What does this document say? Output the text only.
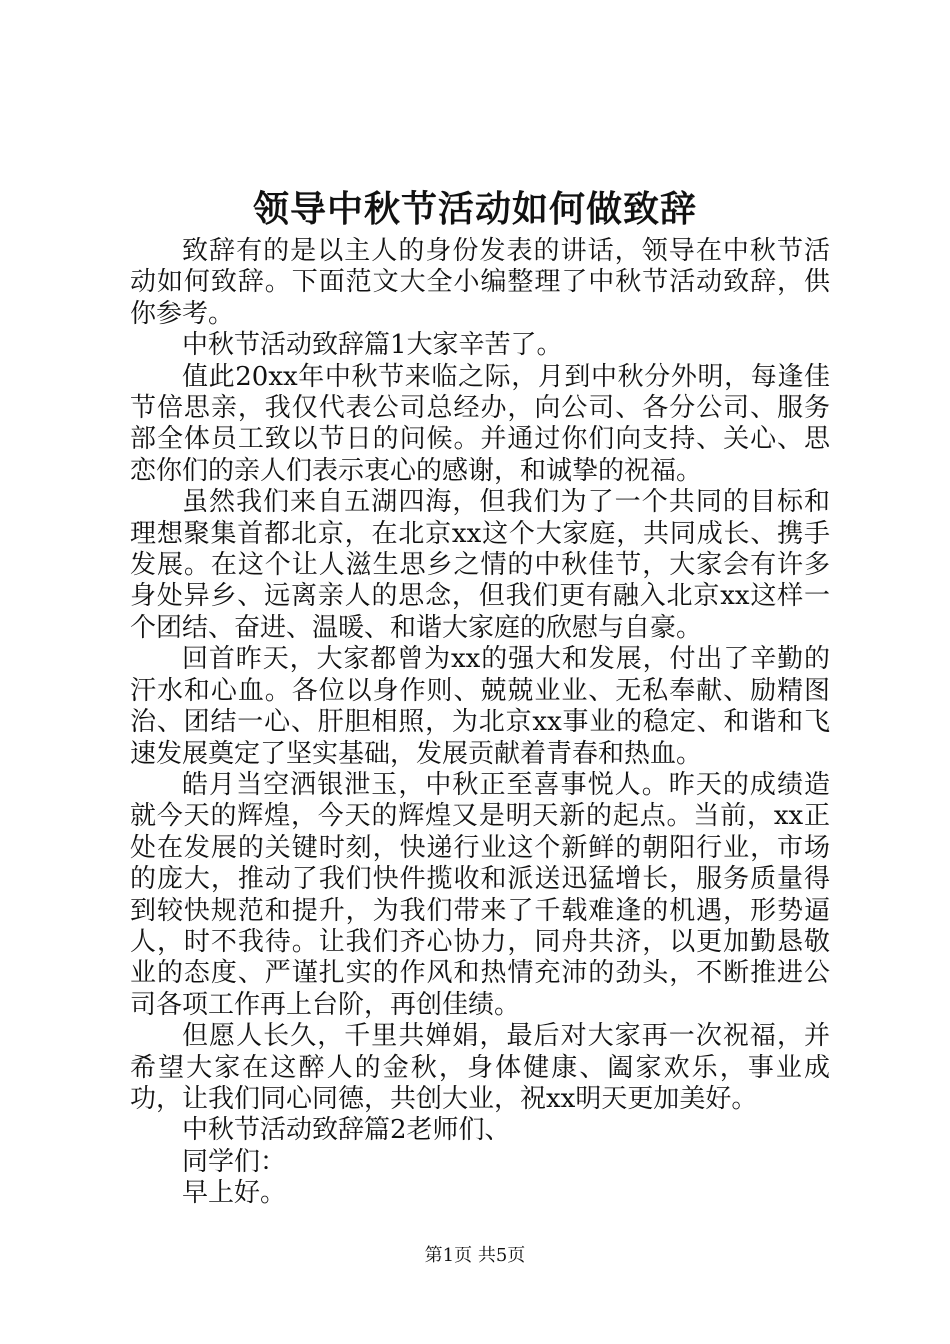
领导中秋节活动如何做致辞

致辞有的是以主人的身份发表的讲话，领导在中秋节活动如何致辞。下面范文大全小编整理了中秋节活动致辞，供你参考。

中秋节活动致辞篇1大家辛苦了。

值此20xx年中秋节来临之际，月到中秋分外明，每逢佳节倍思亲，我仅代表公司总经办，向公司、各分公司、服务部全体员工致以节日的问候。并通过你们向支持、关心、思恋你们的亲人们表示衷心的感谢，和诚挚的祝福。

虽然我们来自五湖四海，但我们为了一个共同的目标和理想聚集首都北京，在北京xx这个大家庭，共同成长、携手发展。在这个让人滋生思乡之情的中秋佳节，大家会有许多身处异乡、远离亲人的思念，但我们更有融入北京xx这样一个团结、奋进、温暖、和谐大家庭的欣慰与自豪。

回首昨天，大家都曾为xx的强大和发展，付出了辛勤的汗水和心血。各位以身作则、兢兢业业、无私奉献、励精图治、团结一心、肝胆相照，为北京xx事业的稳定、和谐和飞速发展奠定了坚实基础，发展贡献着青春和热血。

皓月当空洒银泄玉，中秋正至喜事悦人。昨天的成绩造就今天的辉煌，今天的辉煌又是明天新的起点。当前，xx正处在发展的关键时刻，快递行业这个新鲜的朝阳行业，市场的庞大，推动了我们快件揽收和派送迅猛增长，服务质量得到较快规范和提升，为我们带来了千载难逢的机遇，形势逼人，时不我待。让我们齐心协力，同舟共济，以更加勤恳敬业的态度、严谨扎实的作风和热情充沛的劲头，不断推进公司各项工作再上台阶，再创佳绩。

但愿人长久，千里共婵娟，最后对大家再一次祝福，并希望大家在这醉人的金秋，身体健康、阖家欢乐，事业成功，让我们同心同德，共创大业，祝xx明天更加美好。

中秋节活动致辞篇2老师们、

同学们：

早上好。

第1页 共5页
